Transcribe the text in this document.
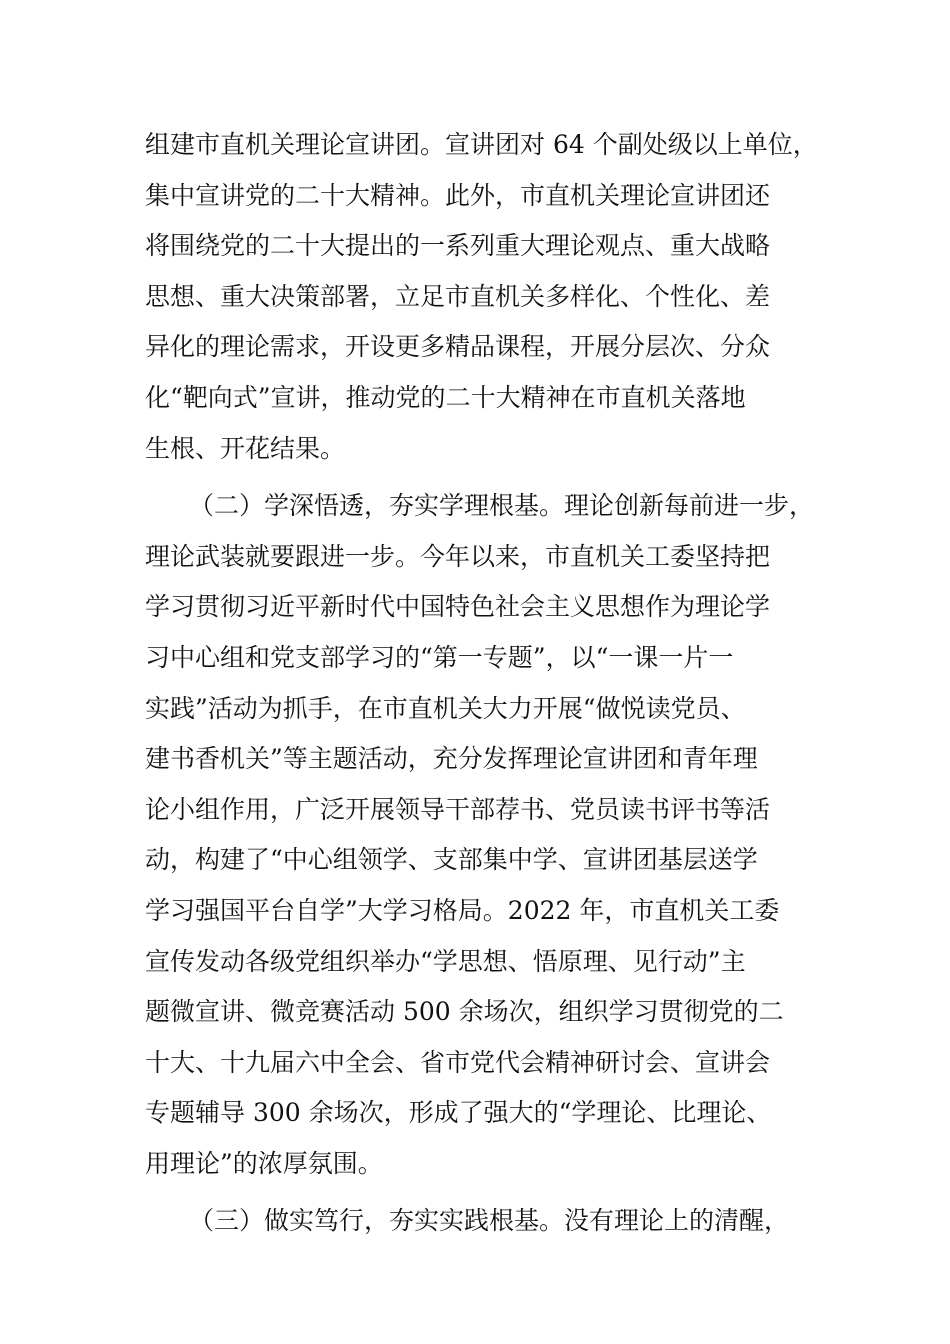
组建市直机关理论宣讲团。宣讲团对 64 个副处级以上单位，
集中宣讲党的二十大精神。此外，市直机关理论宣讲团还
将围绕党的二十大提出的一系列重大理论观点、重大战略
思想、重大决策部署，立足市直机关多样化、个性化、差
异化的理论需求，开设更多精品课程，开展分层次、分众
化“靶向式”宣讲，推动党的二十大精神在市直机关落地
生根、开花结果。
（二）学深悟透，夯实学理根基。理论创新每前进一步，
理论武装就要跟进一步。今年以来，市直机关工委坚持把
学习贯彻习近平新时代中国特色社会主义思想作为理论学
习中心组和党支部学习的“第一专题”，以“一课一片一
实践”活动为抓手，在市直机关大力开展“做悦读党员、
建书香机关”等主题活动，充分发挥理论宣讲团和青年理
论小组作用，广泛开展领导干部荐书、党员读书评书等活
动，构建了“中心组领学、支部集中学、宣讲团基层送学
学习强国平台自学”大学习格局。2022 年，市直机关工委
宣传发动各级党组织举办“学思想、悟原理、见行动”主
题微宣讲、微竞赛活动 500 余场次，组织学习贯彻党的二
十大、十九届六中全会、省市党代会精神研讨会、宣讲会
专题辅导 300 余场次，形成了强大的“学理论、比理论、
用理论”的浓厚氛围。
（三）做实笃行，夯实实践根基。没有理论上的清醒，
